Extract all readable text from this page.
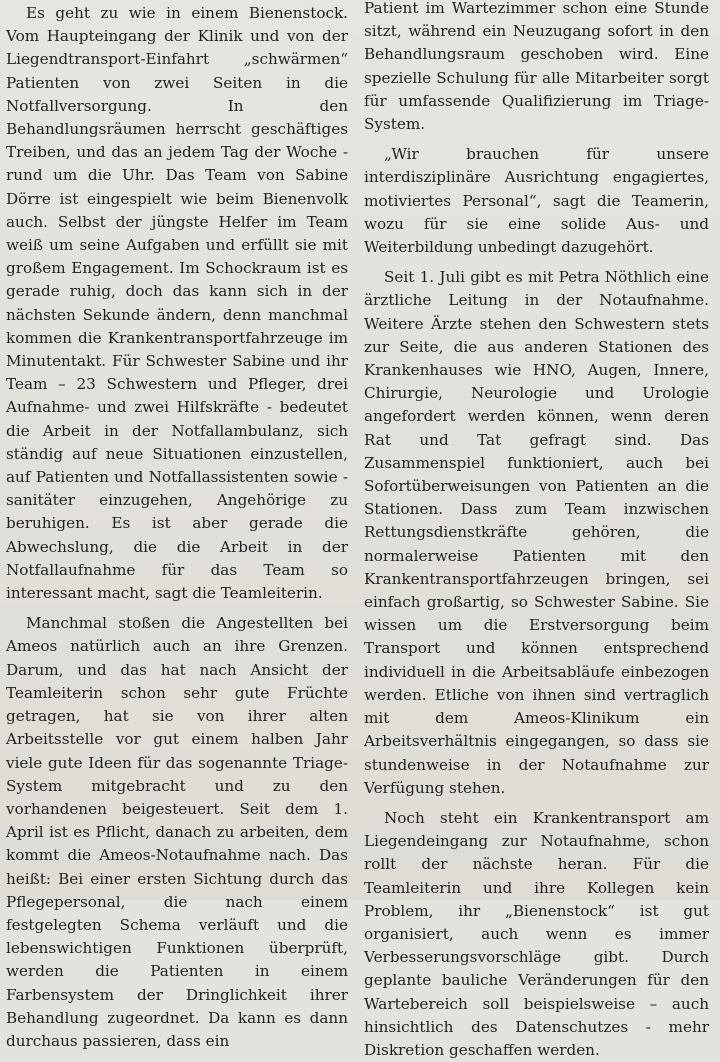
Es geht zu wie in einem Bienenstock. Vom Haupteingang der Klinik und von der Liegendtransport-Einfahrt „schwärmen“ Patienten von zwei Seiten in die Notfallversorgung. In den Behandlungsräumen herrscht geschäftiges Treiben, und das an jedem Tag der Woche - rund um die Uhr. Das Team von Sabine Dörre ist eingespielt wie beim Bienenvolk auch. Selbst der jüngste Helfer im Team weiß um seine Aufgaben und erfüllt sie mit großem Engagement. Im Schockraum ist es gerade ruhig, doch das kann sich in der nächsten Sekunde ändern, denn manchmal kommen die Krankentransportfahrzeuge im Minutentakt. Für Schwester Sabine und ihr Team – 23 Schwestern und Pfleger, drei Aufnahme- und zwei Hilfskräfte - bedeutet die Arbeit in der Notfallambulanz, sich ständig auf neue Situationen einzustellen, auf Patienten und Notfallassistenten sowie -sanitäter einzugehen, Angehörige zu beruhigen. Es ist aber gerade die Abwechslung, die die Arbeit in der Notfallaufnahme für das Team so interessant macht, sagt die Teamleiterin.

Manchmal stoßen die Angestellten bei Ameos natürlich auch an ihre Grenzen. Darum, und das hat nach Ansicht der Teamleiterin schon sehr gute Früchte getragen, hat sie von ihrer alten Arbeitsstelle vor gut einem halben Jahr viele gute Ideen für das sogenannte Triage-System mitgebracht und zu den vorhandenen beigesteuert. Seit dem 1. April ist es Pflicht, danach zu arbeiten, dem kommt die Ameos-Notaufnahme nach. Das heißt: Bei einer ersten Sichtung durch das Pflegepersonal, die nach einem festgelegten Schema verläuft und die lebenswichtigen Funktionen überprüft, werden die Patienten in einem Farbensystem der Dringlichkeit ihrer Behandlung zugeordnet. Da kann es dann durchaus passieren, dass ein

Patient im Wartezimmer schon eine Stunde sitzt, während ein Neuzugang sofort in den Behandlungsraum geschoben wird. Eine spezielle Schulung für alle Mitarbeiter sorgt für umfassende Qualifizierung im Triage-System.

„Wir brauchen für unsere interdisziplinäre Ausrichtung engagiertes, motiviertes Personal“, sagt die Teamerin, wozu für sie eine solide Aus- und Weiterbildung unbedingt dazugehört.

Seit 1. Juli gibt es mit Petra Nöthlich eine ärztliche Leitung in der Notaufnahme. Weitere Ärzte stehen den Schwestern stets zur Seite, die aus anderen Stationen des Krankenhauses wie HNO, Augen, Innere, Chirurgie, Neurologie und Urologie angefordert werden können, wenn deren Rat und Tat gefragt sind. Das Zusammenspiel funktioniert, auch bei Sofortüberweisungen von Patienten an die Stationen. Dass zum Team inzwischen Rettungsdienstkräfte gehören, die normalerweise Patienten mit den Krankentransportfahrzeugen bringen, sei einfach großartig, so Schwester Sabine. Sie wissen um die Erstversorgung beim Transport und können entsprechend individuell in die Arbeitsabläufe einbezogen werden. Etliche von ihnen sind vertraglich mit dem Ameos-Klinikum ein Arbeitsverhältnis eingegangen, so dass sie stundenweise in der Notaufnahme zur Verfügung stehen.

Noch steht ein Krankentransport am Liegendeingang zur Notaufnahme, schon rollt der nächste heran. Für die Teamleiterin und ihre Kollegen kein Problem, ihr „Bienenstock“ ist gut organisiert, auch wenn es immer Verbesserungsvorschläge gibt. Durch geplante bauliche Veränderungen für den Wartebereich soll beispielsweise – auch hinsichtlich des Datenschutzes - mehr Diskretion geschaffen werden.
